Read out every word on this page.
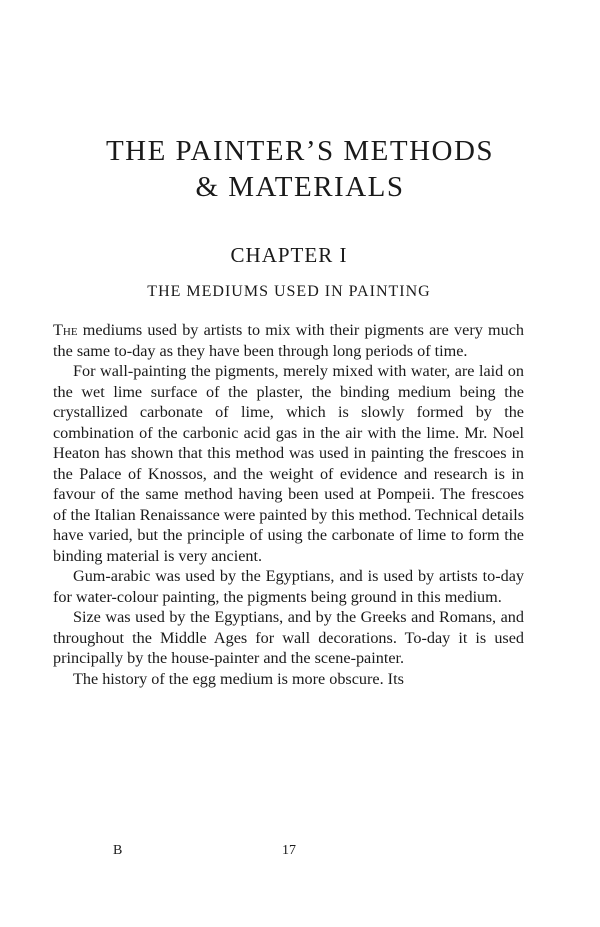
THE PAINTER’S METHODS
& MATERIALS
CHAPTER I
THE MEDIUMS USED IN PAINTING

The mediums used by artists to mix with their pigments are very much the same to-day as they have been through long periods of time.

For wall-painting the pigments, merely mixed with water, are laid on the wet lime surface of the plaster, the binding medium being the crystallized carbonate of lime, which is slowly formed by the combination of the carbonic acid gas in the air with the lime. Mr. Noel Heaton has shown that this method was used in painting the frescoes in the Palace of Knossos, and the weight of evidence and research is in favour of the same method having been used at Pompeii. The frescoes of the Italian Renaissance were painted by this method. Technical details have varied, but the principle of using the carbonate of lime to form the binding material is very ancient.

Gum-arabic was used by the Egyptians, and is used by artists to-day for water-colour painting, the pigments being ground in this medium.

Size was used by the Egyptians, and by the Greeks and Romans, and throughout the Middle Ages for wall decorations. To-day it is used principally by the house-painter and the scene-painter.

The history of the egg medium is more obscure. Its

B	17
